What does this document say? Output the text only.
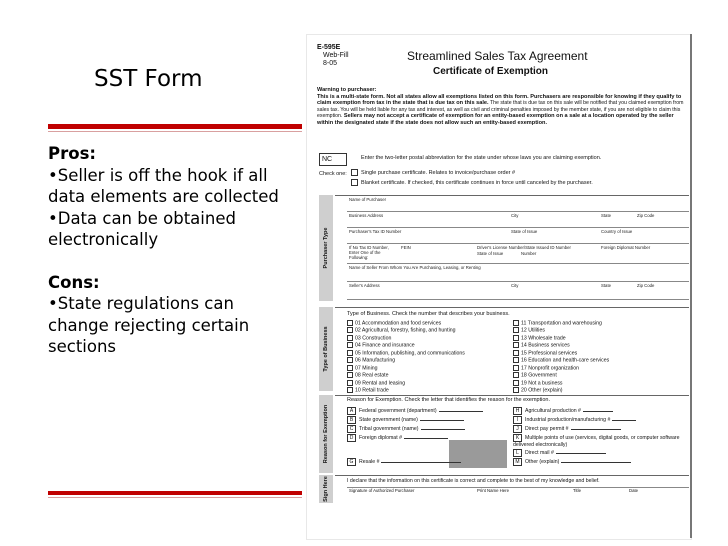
SST Form
Pros:
•Seller is off the hook if all data elements are collected
•Data can be obtained electronically
Cons:
•State regulations can change rejecting certain sections
E-595E
Web-Fill
8-05
Streamlined Sales Tax Agreement
Certificate of Exemption
Warning to purchaser:
This is a multi-state form. Not all states allow all exemptions listed on this form. Purchasers are responsible for knowing if they qualify to claim exemption from tax in the state that is due tax on this sale. The state that is due tax on this sale will be notified that you claimed exemption from sales tax. You will be held liable for any tax and interest, as well as civil and criminal penalties imposed by the member state, if you are not eligible to claim this exemption. Sellers may not accept a certificate of exemption for an entity-based exemption on a sale at a location operated by the seller within the designated state if the state does not allow such an entity-based exemption.
NC	Enter the two-letter postal abbreviation for the state under whose laws you are claiming exemption.
Check one:	Single purchase certificate. Relates to invoice/purchase order #
Blanket certificate. If checked, this certificate continues in force until canceled by the purchaser.
Purchaser Type
Name of Purchaser
Business Address	City	State	Zip Code
Purchaser's Tax ID Number	State of Issue	Country of Issue
If No Tax ID Number, Enter One of the Following:
FEIN	Driver's License Number/State Issued ID Number
State of Issue	Number
Foreign Diplomat Number
Name of Seller From Whom You Are Purchasing, Leasing, or Renting
Seller's Address	City	State	Zip Code
Type of Business
Type of Business. Check the number that describes your business.
01 Accommodation and food services
02 Agricultural, forestry, fishing, and hunting
03 Construction
04 Finance and insurance
05 Information, publishing, and communications
06 Manufacturing
07 Mining
08 Real estate
09 Rental and leasing
10 Retail trade
11 Transportation and warehousing
12 Utilities
13 Wholesale trade
14 Business services
15 Professional services
16 Education and health-care services
17 Nonprofit organization
18 Government
19 Not a business
20 Other (explain)
Reason for Exemption
Reason for Exemption. Check the letter that identifies the reason for the exemption.
A Federal government (department)
B State government (name)
C Tribal government (name)
D Foreign diplomat #
G Resale #
H Agricultural production #
I Industrial production/manufacturing #
J Direct pay permit #
K Multiple points of use (services, digital goods, or computer software delivered electronically)
L Direct mail #
M Other (explain)
Sign Here	I declare that the information on this certificate is correct and complete to the best of my knowledge and belief.
Signature of Authorized Purchaser	Print Name Here	Title	Date
